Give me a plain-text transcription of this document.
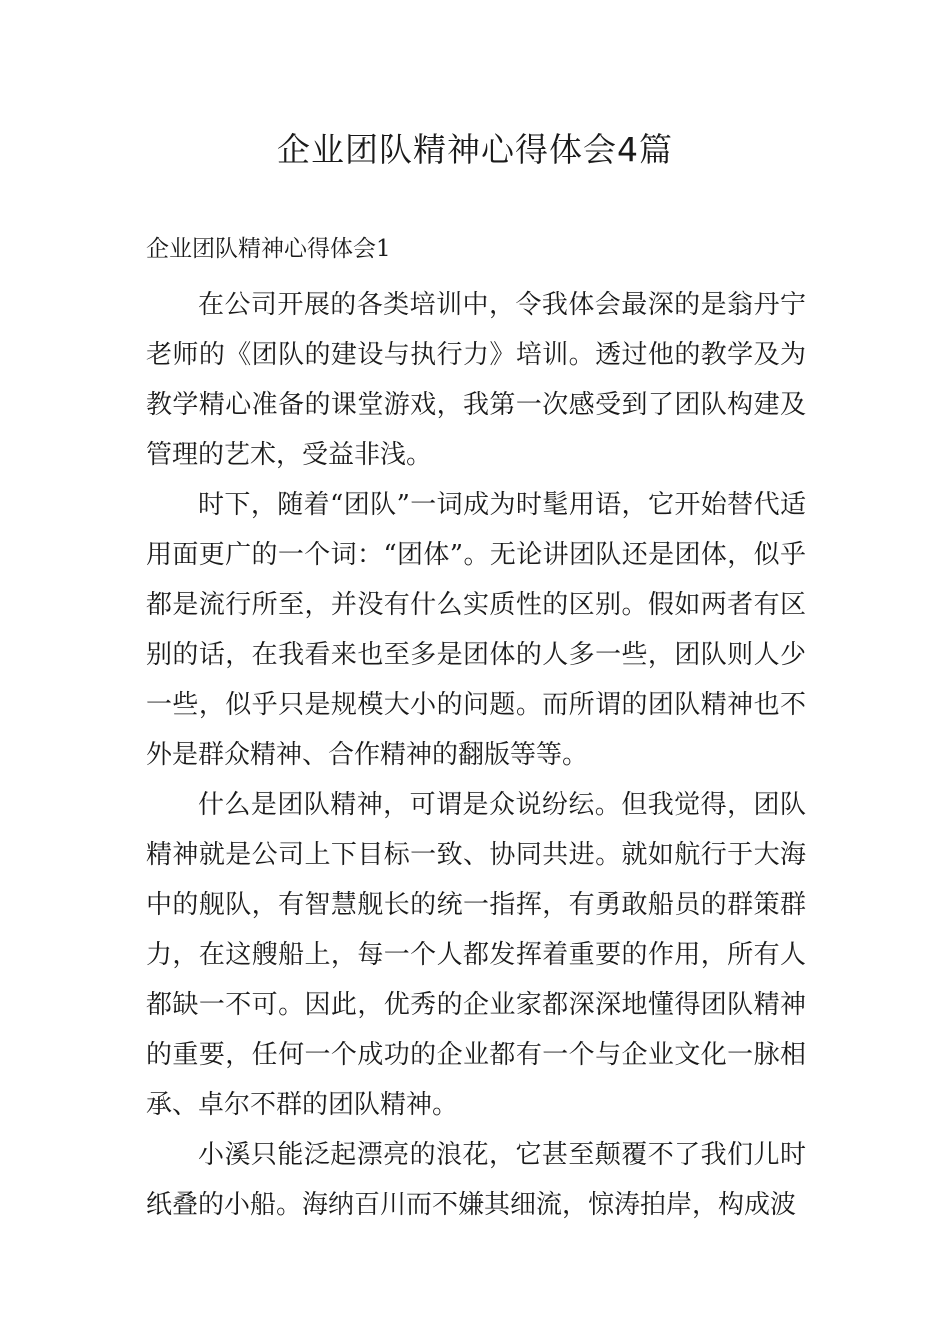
企业团队精神心得体会4篇
企业团队精神心得体会1

在公司开展的各类培训中，令我体会最深的是翁丹宁老师的《团队的建设与执行力》培训。透过他的教学及为教学精心准备的课堂游戏，我第一次感受到了团队构建及管理的艺术，受益非浅。

时下，随着“团队”一词成为时髦用语，它开始替代适用面更广的一个词：“团体”。无论讲团队还是团体，似乎都是流行所至，并没有什么实质性的区别。假如两者有区别的话，在我看来也至多是团体的人多一些，团队则人少一些，似乎只是规模大小的问题。而所谓的团队精神也不外是群众精神、合作精神的翻版等等。

什么是团队精神，可谓是众说纷纭。但我觉得，团队精神就是公司上下目标一致、协同共进。就如航行于大海中的舰队，有智慧舰长的统一指挥，有勇敢船员的群策群力，在这艘船上，每一个人都发挥着重要的作用，所有人都缺一不可。因此，优秀的企业家都深深地懂得团队精神的重要，任何一个成功的企业都有一个与企业文化一脉相承、卓尔不群的团队精神。

小溪只能泛起漂亮的浪花，它甚至颠覆不了我们儿时纸叠的小船。海纳百川而不嫌其细流，惊涛拍岸，构成波
